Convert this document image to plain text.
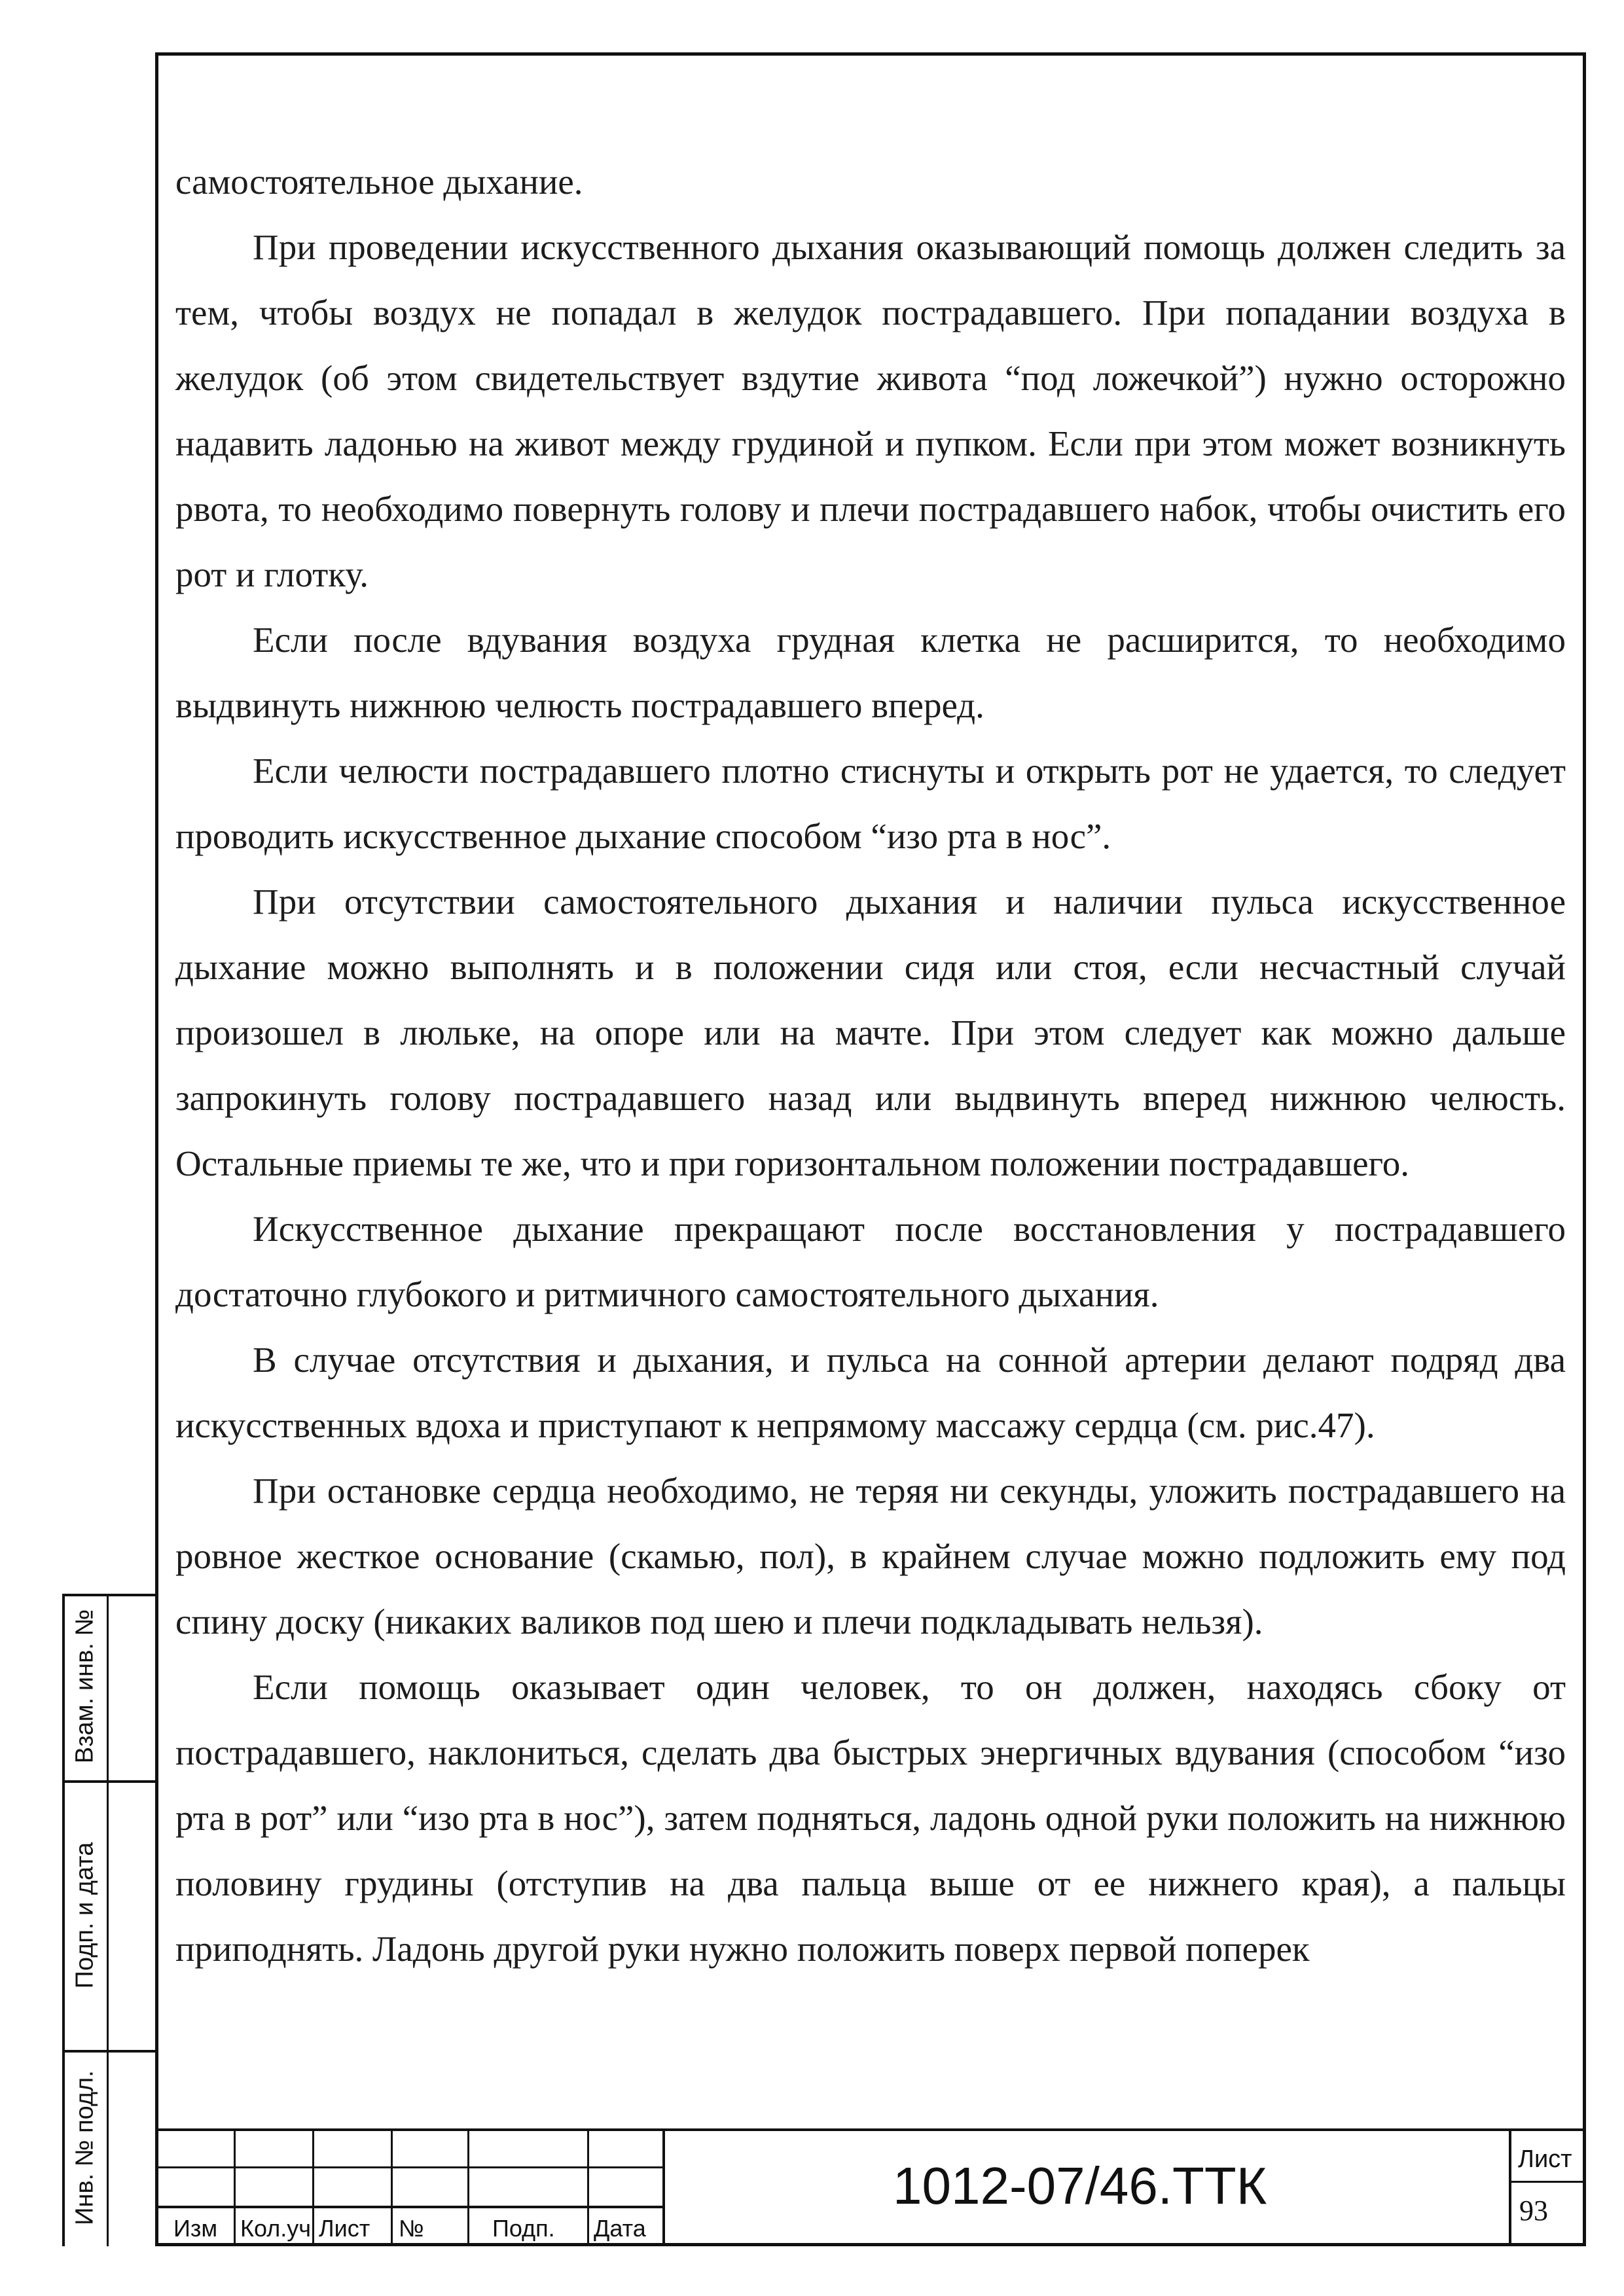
самостоятельное дыхание.

При проведении искусственного дыхания оказывающий помощь должен следить за тем, чтобы воздух не попадал в желудок пострадавшего. При попадании воздуха в желудок (об этом свидетельствует вздутие живота “под ложечкой”) нужно осторожно надавить ладонью на живот между грудиной и пупком. Если при этом может возникнуть рвота, то необходимо повернуть голову и плечи пострадавшего набок, чтобы очистить его рот и глотку.

Если после вдувания воздуха грудная клетка не расширится, то необходимо выдвинуть нижнюю челюсть пострадавшего вперед.

Если челюсти пострадавшего плотно стиснуты и открыть рот не удается, то следует проводить искусственное дыхание способом “изо рта в нос”.

При отсутствии самостоятельного дыхания и наличии пульса искусственное дыхание можно выполнять и в положении сидя или стоя, если несчастный случай произошел в люльке, на опоре или на мачте. При этом следует как можно дальше запрокинуть голову пострадавшего назад или выдвинуть вперед нижнюю челюсть. Остальные приемы те же, что и при горизонтальном положении пострадавшего.

Искусственное дыхание прекращают после восстановления у пострадавшего достаточно глубокого и ритмичного самостоятельного дыхания.

В случае отсутствия и дыхания, и пульса на сонной артерии делают подряд два искусственных вдоха и приступают к непрямому массажу сердца (см. рис.47).

При остановке сердца необходимо, не теряя ни секунды, уложить пострадавшего на ровное жесткое основание (скамью, пол), в крайнем случае можно подложить ему под спину доску (никаких валиков под шею и плечи подкладывать нельзя).

Если помощь оказывает один человек, то он должен, находясь сбоку от пострадавшего, наклониться, сделать два быстрых энергичных вдувания (способом “изо рта в рот” или “изо рта в нос”), затем подняться, ладонь одной руки положить на нижнюю половину грудины (отступив на два пальца выше от ее нижнего края), а пальцы приподнять. Ладонь другой руки нужно положить поверх первой поперек

Изм Кол.уч Лист №	Подп. Дата
1012-07/46.ТТК	Лист
93
Взам. инв. №
Подп. и дата
Инв. № подл.
